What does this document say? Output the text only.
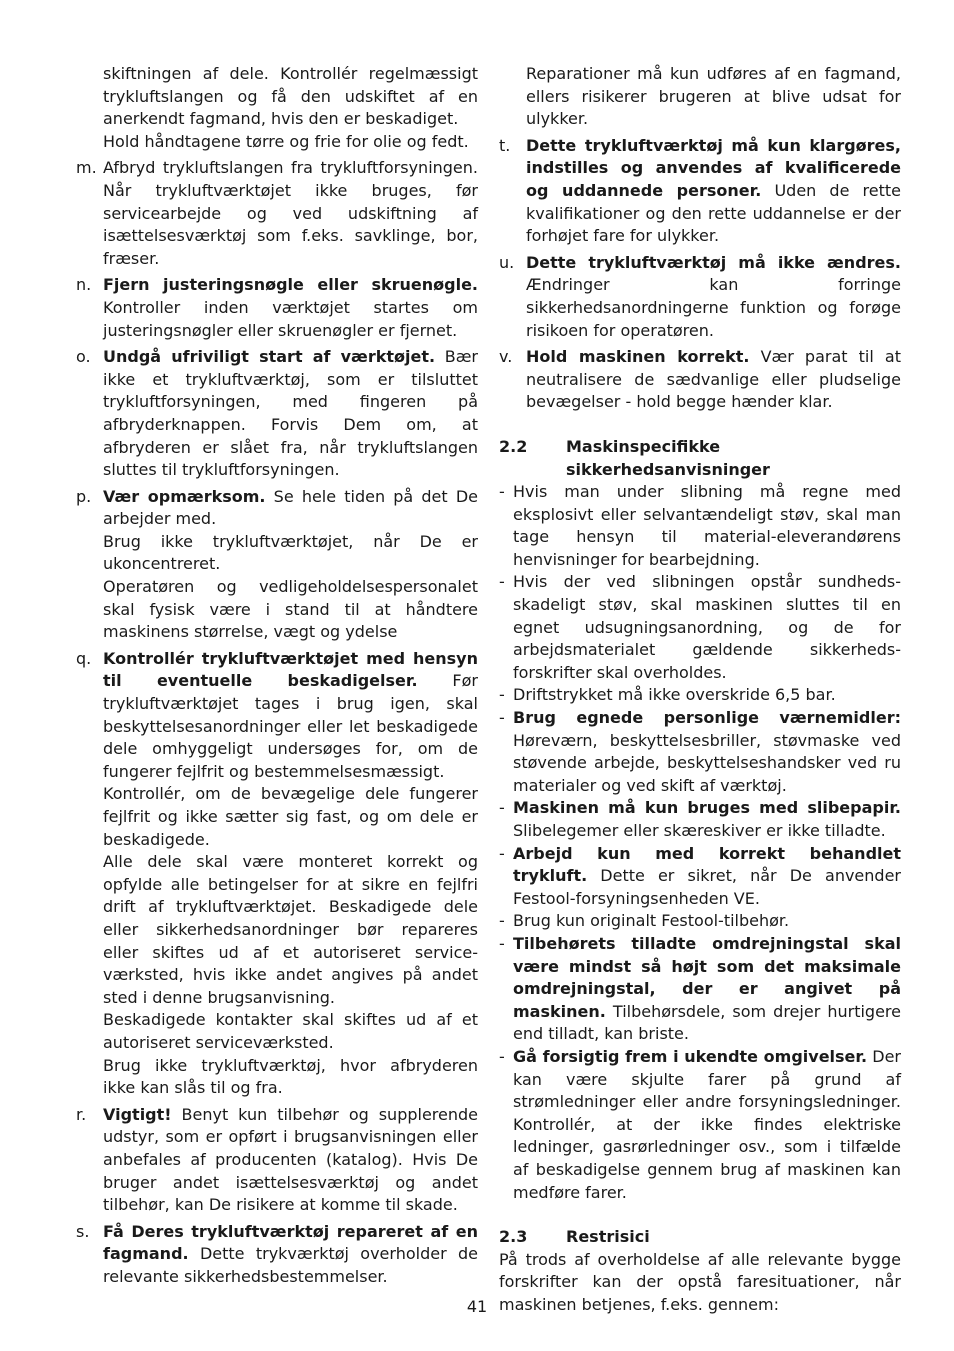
skiftningen af dele. Kontrollér regelmæssigt trykluftslangen og få den udskiftet af en anerkendt fagmand, hvis den er beskadiget.
Hold håndtagene tørre og frie for olie og fedt.
m. Afbryd trykluftslangen fra trykluftforsyningen. Når trykluftværktøjet ikke bruges, før servicearbejde og ved udskiftning af isættelsesværktøj som f.eks. savklinge, bor, fræser.
n. Fjern justeringsnøgle eller skruenøgle. Kontroller inden værktøjet startes om justeringsnøgler eller skruenøgler er fjernet.
o. Undgå ufriviligt start af værktøjet. Bær ikke et trykluftværktøj, som er tilsluttet trykluftforsyningen, med fingeren på afbryderknappen. Forvis Dem om, at afbryderen er slået fra, når trykluftslangen sluttes til trykluftforsyningen.
p. Vær opmærksom. Se hele tiden på det De arbejder med.
Brug ikke trykluftværktøjet, når De er ukoncentreret.
Operatøren og vedligeholdelsespersonalet skal fysisk være i stand til at håndtere maskinens størrelse, vægt og ydelse
q. Kontrollér trykluftværktøjet med hensyn til eventuelle beskadigelser. Før trykluftværktøjet tages i brug igen, skal beskyttelsesanordninger eller let beskadigede dele omhyggeligt undersøges for, om de fungerer fejlfrit og bestemmelsesmæssigt.
Kontrollér, om de bevægelige dele fungerer fejlfrit og ikke sætter sig fast, og om dele er beskadigede.
Alle dele skal være monteret korrekt og opfylde alle betingelser for at sikre en fejlfri drift af trykluftværktøjet. Beskadigede dele eller sikkerhedsanordninger bør repareres eller skiftes ud af et autoriseret service-værksted, hvis ikke andet angives på andet sted i denne brugsanvisning.
Beskadigede kontakter skal skiftes ud af et autoriseret serviceværksted.
Brug ikke trykluftværktøj, hvor afbryderen ikke kan slås til og fra.
r.	Vigtigt! Benyt kun tilbehør og supplerende udstyr, som er opført i brugsanvisningen eller anbefales af producenten (katalog). Hvis De bruger andet isættelsesværktøj og andet tilbehør, kan De risikere at komme til skade.
s. Få Deres trykluftværktøj repareret af en fagmand. Dette trykværktøj overholder de relevante sikkerhedsbestemmelser.
Reparationer må kun udføres af en fagmand, ellers risikerer brugeren at blive udsat for ulykker.
t. Dette trykluftværktøj må kun klargøres, indstilles og anvendes af kvalificerede og uddannede personer. Uden de rette kvalifikationer og den rette uddannelse er der forhøjet fare for ulykker.
u. Dette trykluftværktøj må ikke ændres. Ændringer kan forringe sikkerhedsanordningerne funktion og forøge risikoen for operatøren.
v. Hold maskinen korrekt. Vær parat til at neutralisere de sædvanlige eller pludselige bevægelser - hold begge hænder klar.
2.2	Maskinspecifikke sikkerhedsanvisninger
- Hvis man under slibning må regne med eksplosivt eller selvantændeligt støv, skal man tage hensyn til material-eleverandørens henvisninger for bearbejdning.
- Hvis der ved slibningen opstår sundheds-skadeligt støv, skal maskinen sluttes til en egnet udsugningsanordning, og de for arbejdsmaterialet gældende sikkerheds-forskrifter skal overholdes.
- Driftstrykket må ikke overskride 6,5 bar.
- Brug egnede personlige værnemidler: Høreværn, beskyttelsesbriller, støvmaske ved støvende arbejde, beskyttelseshandsker ved ru materialer og ved skift af værktøj.
- Maskinen må kun bruges med slibepapir. Slibelegemer eller skæreskiver er ikke tilladte.
- Arbejd kun med korrekt behandlet trykluft. Dette er sikret, når De anvender Festool-forsyningsenheden VE.
- Brug kun originalt Festool-tilbehør.
- Tilbehørets tilladte omdrejningstal skal være mindst så højt som det maksimale omdrejningstal, der er angivet på maskinen. Tilbehørsdele, som drejer hurtigere end tilladt, kan briste.
- Gå forsigtig frem i ukendte omgivelser. Der kan være skjulte farer på grund af strømledninger eller andre forsyningsledninger. Kontrollér, at der ikke findes elektriske ledninger, gasrørledninger osv., som i tilfælde af beskadigelse gennem brug af maskinen kan medføre farer.
2.3	Restrisici
På trods af overholdelse af alle relevante bygge forskrifter kan der opstå faresituationer, når maskinen betjenes, f.eks. gennem:
41
